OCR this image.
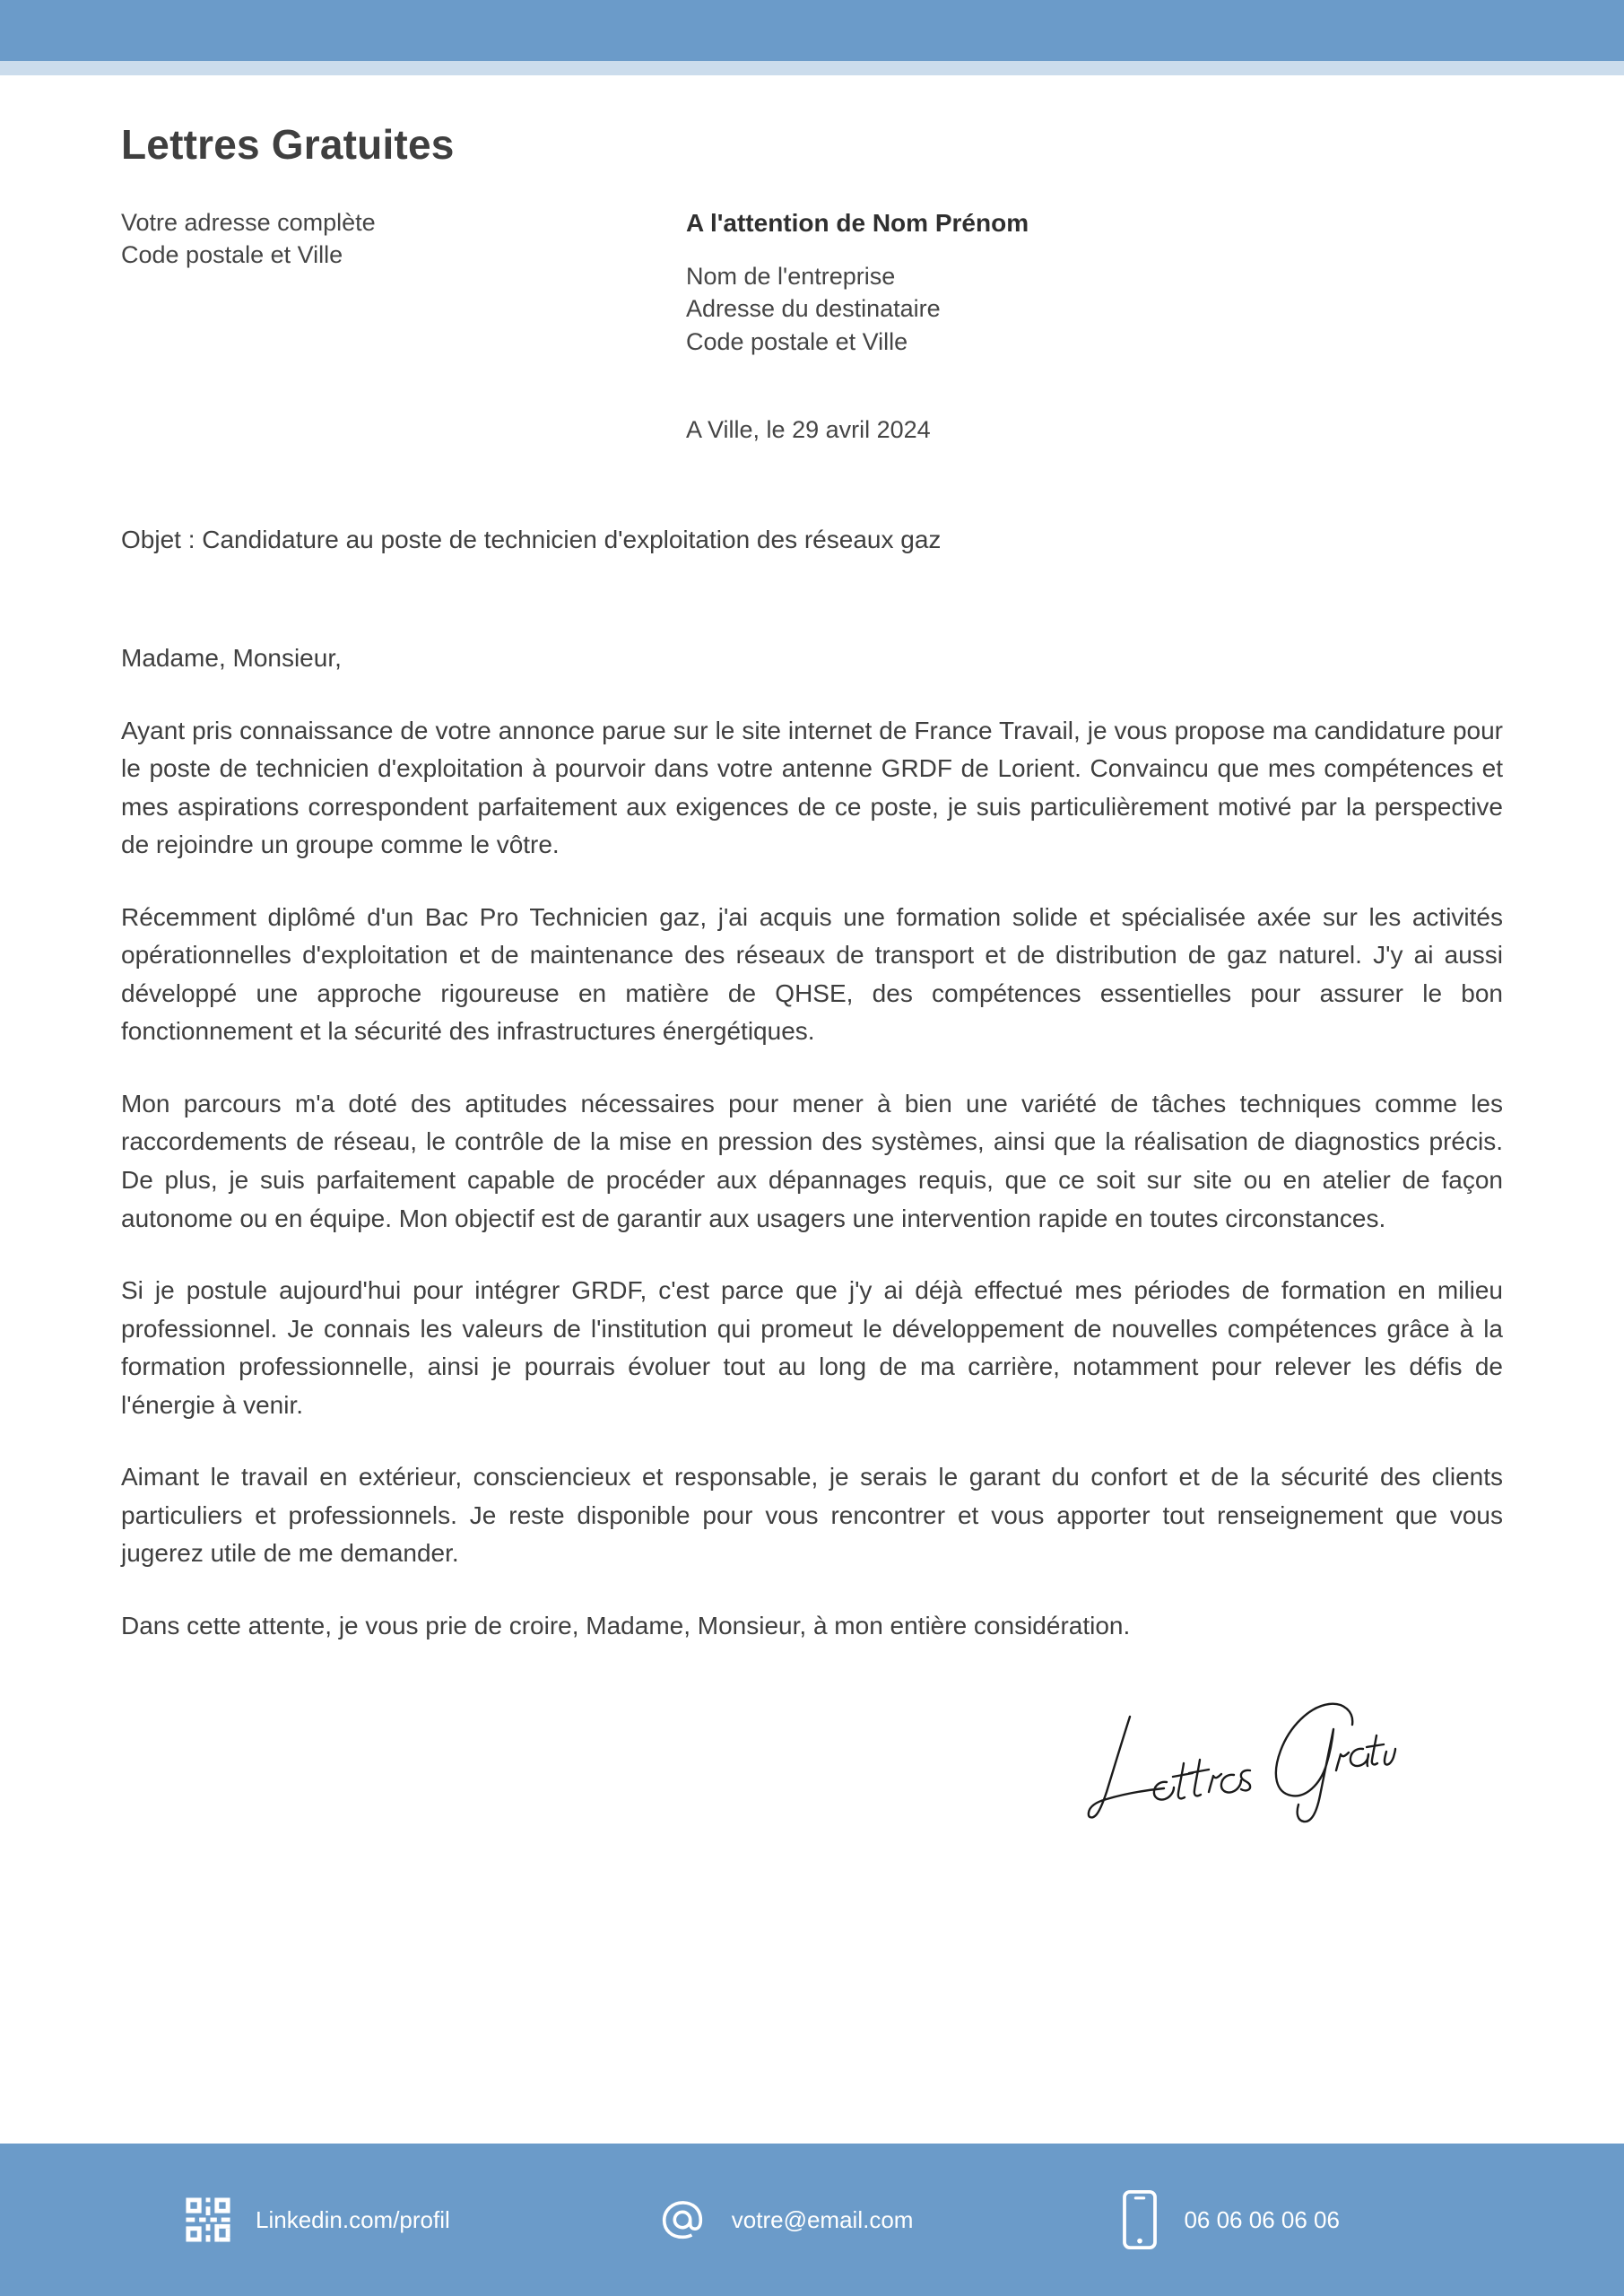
Lettres Gratuites
Votre adresse complète
Code postale et Ville
A l'attention de Nom Prénom
Nom de l'entreprise
Adresse du destinataire
Code postale et Ville
A Ville, le 29 avril 2024
Objet : Candidature au poste de technicien d'exploitation des réseaux gaz
Madame, Monsieur,

Ayant pris connaissance de votre annonce parue sur le site internet de France Travail, je vous propose ma candidature pour le poste de technicien d'exploitation à pourvoir dans votre antenne GRDF de Lorient. Convaincu que mes compétences et mes aspirations correspondent parfaitement aux exigences de ce poste, je suis particulièrement motivé par la perspective de rejoindre un groupe comme le vôtre.

Récemment diplômé d'un Bac Pro Technicien gaz, j'ai acquis une formation solide et spécialisée axée sur les activités opérationnelles d'exploitation et de maintenance des réseaux de transport et de distribution de gaz naturel. J'y ai aussi développé une approche rigoureuse en matière de QHSE, des compétences essentielles pour assurer le bon fonctionnement et la sécurité des infrastructures énergétiques.

Mon parcours m'a doté des aptitudes nécessaires pour mener à bien une variété de tâches techniques comme les raccordements de réseau, le contrôle de la mise en pression des systèmes, ainsi que la réalisation de diagnostics précis. De plus, je suis parfaitement capable de procéder aux dépannages requis, que ce soit sur site ou en atelier de façon autonome ou en équipe. Mon objectif est de garantir aux usagers une intervention rapide en toutes circonstances.

Si je postule aujourd'hui pour intégrer GRDF, c'est parce que j'y ai déjà effectué mes périodes de formation en milieu professionnel. Je connais les valeurs de l'institution qui promeut le développement de nouvelles compétences grâce à la formation professionnelle, ainsi je pourrais évoluer tout au long de ma carrière, notamment pour relever les défis de l'énergie à venir.

Aimant le travail en extérieur, consciencieux et responsable, je serais le garant du confort et de la sécurité des clients particuliers et professionnels. Je reste disponible pour vous rencontrer et vous apporter tout renseignement que vous jugerez utile de me demander.

Dans cette attente, je vous prie de croire, Madame, Monsieur, à mon entière considération.

Linkedin.com/profil	votre@email.com	06 06 06 06 06
